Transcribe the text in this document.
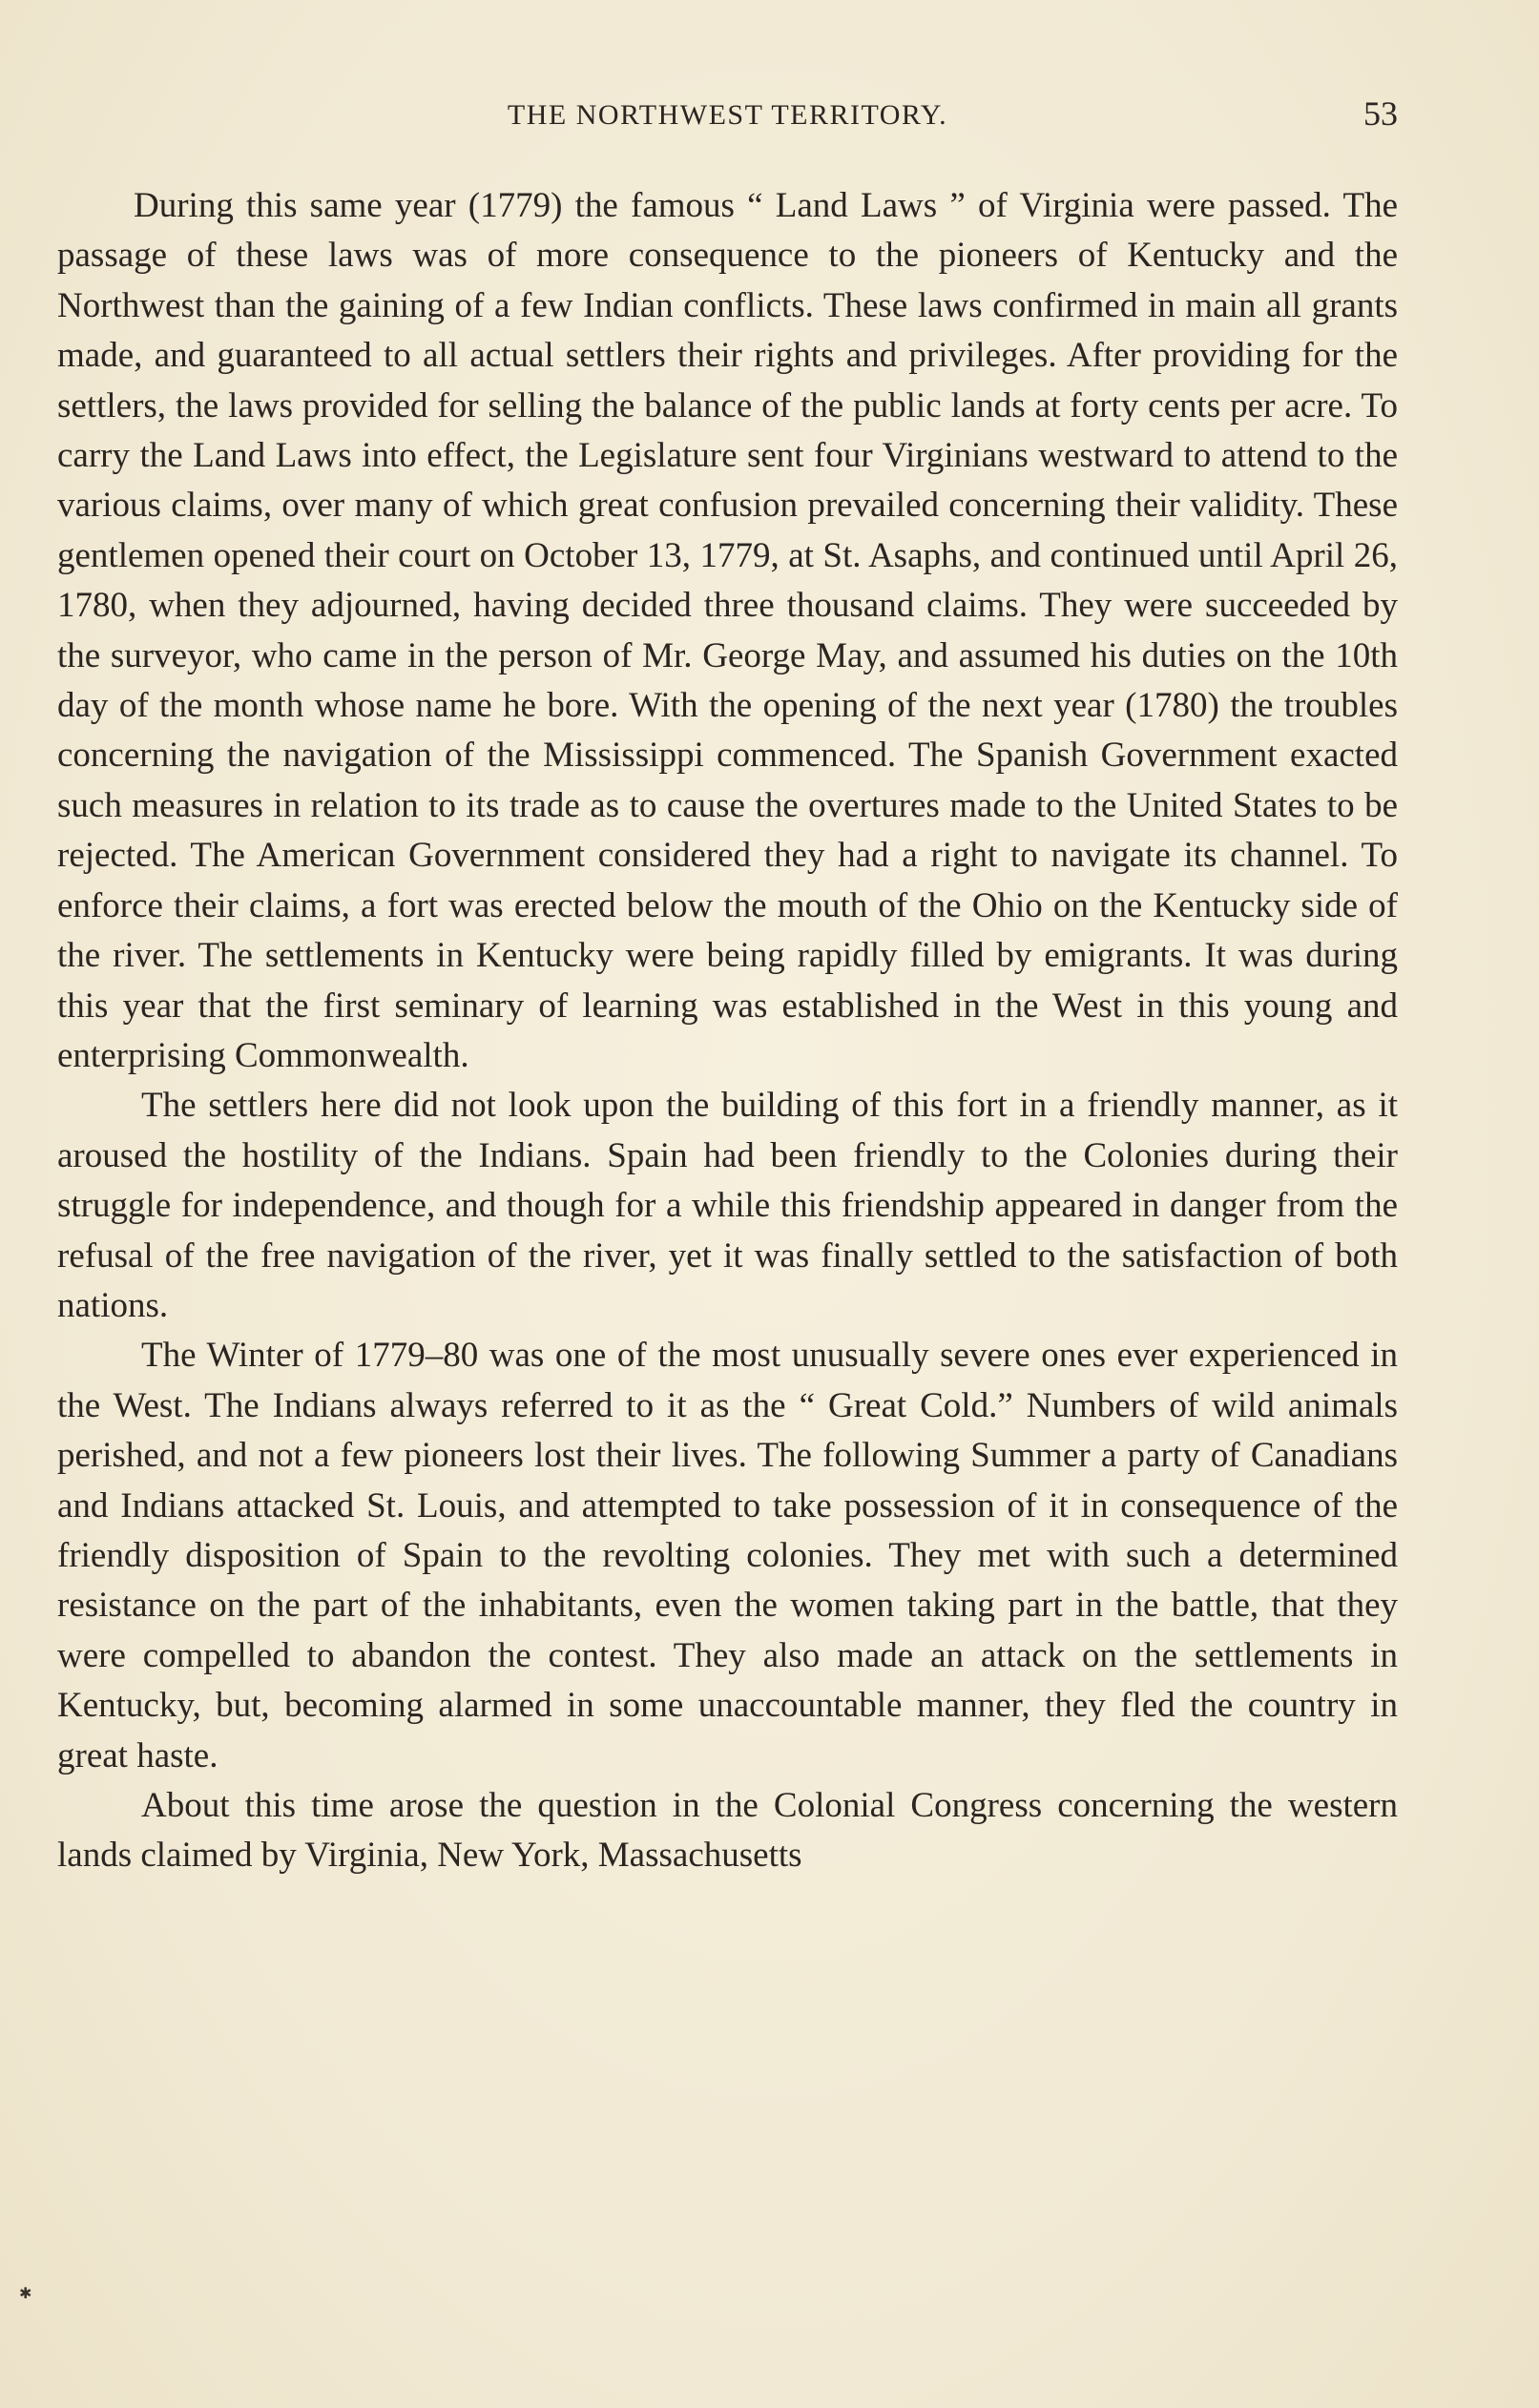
THE NORTHWEST TERRITORY.	53

During this same year (1779) the famous “ Land Laws ” of Virginia were passed. The passage of these laws was of more consequence to the pioneers of Kentucky and the Northwest than the gaining of a few Indian conflicts. These laws confirmed in main all grants made, and guaranteed to all actual settlers their rights and privileges. After providing for the settlers, the laws provided for selling the balance of the public lands at forty cents per acre. To carry the Land Laws into effect, the Legislature sent four Virginians westward to attend to the various claims, over many of which great confusion prevailed concerning their validity. These gentlemen opened their court on October 13, 1779, at St. Asaphs, and continued until April 26, 1780, when they adjourned, having decided three thousand claims. They were succeeded by the surveyor, who came in the person of Mr. George May, and assumed his duties on the 10th day of the month whose name he bore. With the opening of the next year (1780) the troubles concerning the navigation of the Mississippi commenced. The Spanish Government exacted such measures in relation to its trade as to cause the overtures made to the United States to be rejected. The American Government considered they had a right to navigate its channel. To enforce their claims, a fort was erected below the mouth of the Ohio on the Kentucky side of the river. The settlements in Kentucky were being rapidly filled by emigrants. It was during this year that the first seminary of learning was established in the West in this young and enterprising Commonwealth.

The settlers here did not look upon the building of this fort in a friendly manner, as it aroused the hostility of the Indians. Spain had been friendly to the Colonies during their struggle for independence, and though for a while this friendship appeared in danger from the refusal of the free navigation of the river, yet it was finally settled to the satisfaction of both nations.

The Winter of 1779–80 was one of the most unusually severe ones ever experienced in the West. The Indians always referred to it as the “ Great Cold.” Numbers of wild animals perished, and not a few pioneers lost their lives. The following Summer a party of Canadians and Indians attacked St. Louis, and attempted to take possession of it in consequence of the friendly disposition of Spain to the revolting colonies. They met with such a determined resistance on the part of the inhabitants, even the women taking part in the battle, that they were compelled to abandon the contest. They also made an attack on the settlements in Kentucky, but, becoming alarmed in some unaccountable manner, they fled the country in great haste.

About this time arose the question in the Colonial Congress concerning the western lands claimed by Virginia, New York, Massachusetts

✱
